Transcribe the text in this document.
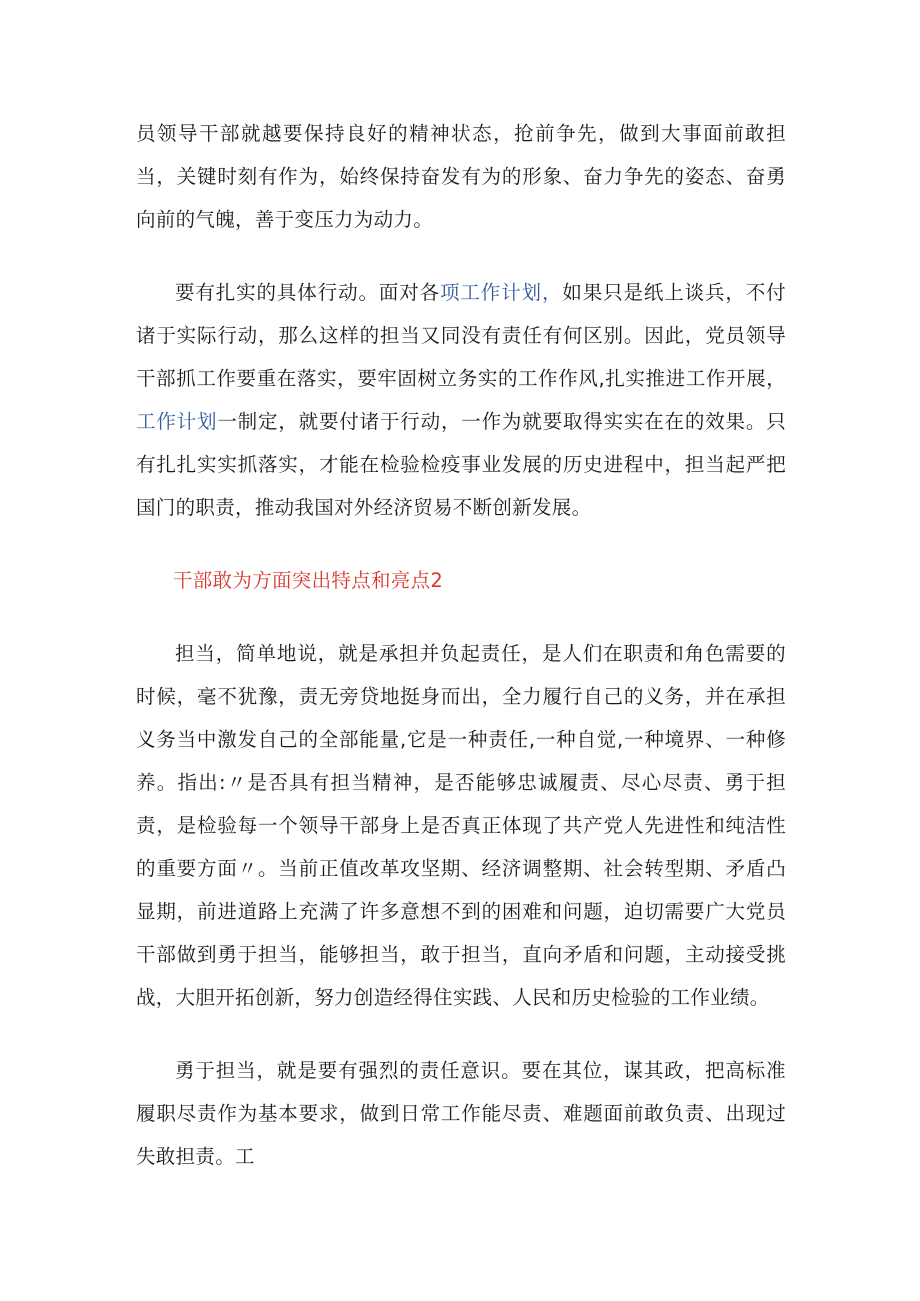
员领导干部就越要保持良好的精神状态，抢前争先，做到大事面前敢担当，关键时刻有作为，始终保持奋发有为的形象、奋力争先的姿态、奋勇向前的气魄，善于变压力为动力。

要有扎实的具体行动。面对各项工作计划，如果只是纸上谈兵，不付诸于实际行动，那么这样的担当又同没有责任有何区别。因此，党员领导干部抓工作要重在落实，要牢固树立务实的工作作风,扎实推进工作开展，工作计划一制定，就要付诸于行动，一作为就要取得实实在在的效果。只有扎扎实实抓落实，才能在检验检疫事业发展的历史进程中，担当起严把国门的职责，推动我国对外经济贸易不断创新发展。

干部敢为方面突出特点和亮点2

担当，简单地说，就是承担并负起责任，是人们在职责和角色需要的时候，毫不犹豫，责无旁贷地挺身而出，全力履行自己的义务，并在承担义务当中激发自己的全部能量,它是一种责任,一种自觉,一种境界、一种修养。指出:〃是否具有担当精神，是否能够忠诚履责、尽心尽责、勇于担责，是检验每一个领导干部身上是否真正体现了共产党人先进性和纯洁性的重要方面〃。当前正值改革攻坚期、经济调整期、社会转型期、矛盾凸显期，前进道路上充满了许多意想不到的困难和问题，迫切需要广大党员干部做到勇于担当，能够担当，敢于担当，直向矛盾和问题，主动接受挑战，大胆开拓创新，努力创造经得住实践、人民和历史检验的工作业绩。

勇于担当，就是要有强烈的责任意识。要在其位，谋其政，把高标准履职尽责作为基本要求，做到日常工作能尽责、难题面前敢负责、出现过失敢担责。工
